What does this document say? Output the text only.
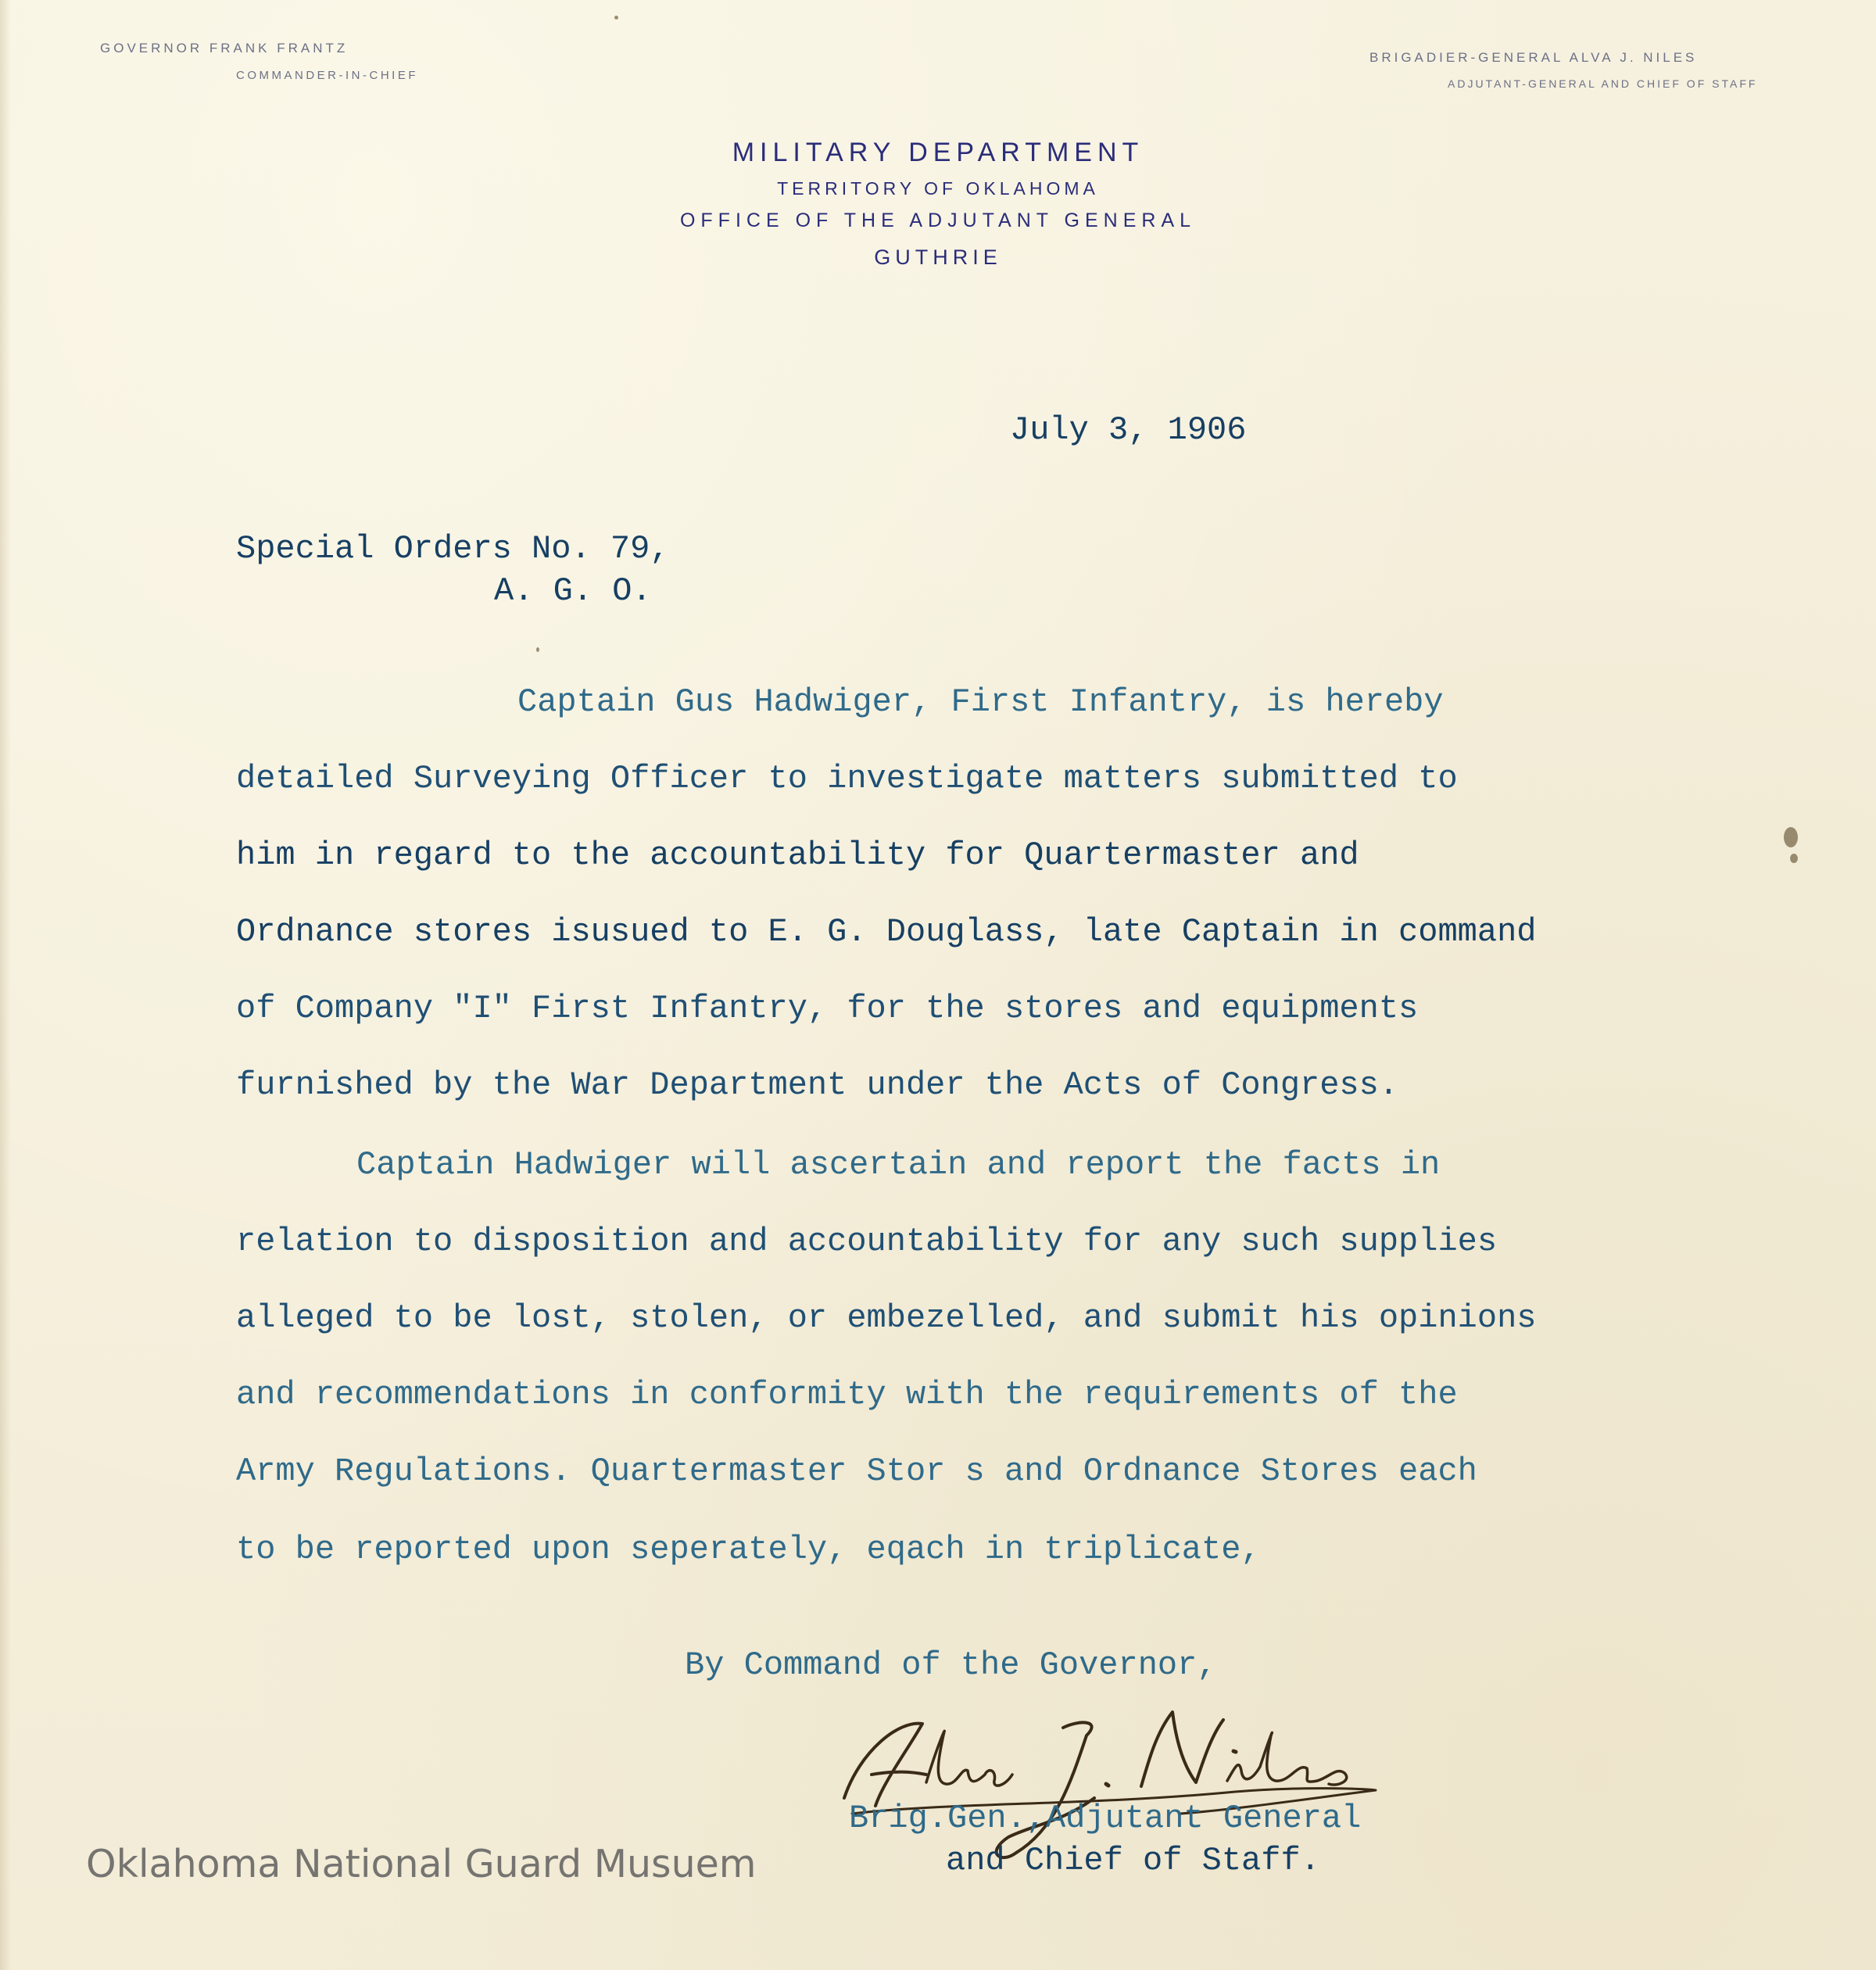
GOVERNOR FRANK FRANTZ
COMMANDER-IN-CHIEF
BRIGADIER-GENERAL ALVA J. NILES
ADJUTANT-GENERAL AND CHIEF OF STAFF
MILITARY DEPARTMENT
TERRITORY OF OKLAHOMA
OFFICE OF THE ADJUTANT GENERAL
GUTHRIE
July 3, 1906
Special Orders No. 79,
A. G. O.
Captain Gus Hadwiger, First Infantry, is hereby
detailed Surveying Officer to investigate matters submitted to
him in regard to the accountability for Quartermaster and
Ordnance stores isusued to E. G. Douglass, late Captain in command
of Company "I" First Infantry, for the stores and equipments
furnished by the War Department under the Acts of Congress.
Captain Hadwiger will ascertain and report the facts in
relation to disposition and accountability for any such supplies
alleged to be lost, stolen, or embezelled, and submit his opinions
and recommendations in conformity with the requirements of the
Army Regulations. Quartermaster Stor s and Ordnance Stores each
to be reported upon seperately, eqach in triplicate,
By Command of the Governor,
Brig.Gen.,Adjutant General
and Chief of Staff.
Oklahoma National Guard Musuem
